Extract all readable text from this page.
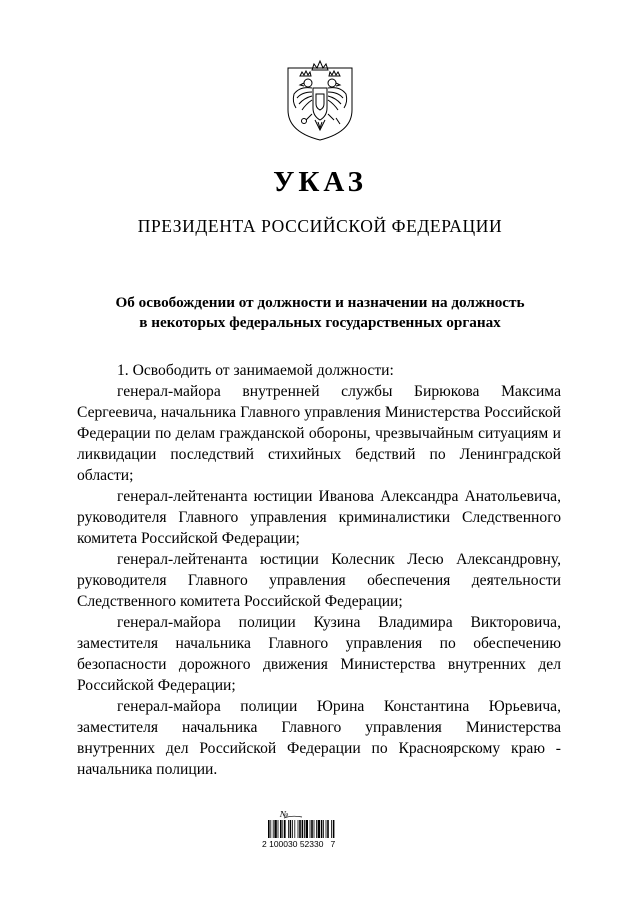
УКАЗ
ПРЕЗИДЕНТА РОССИЙСКОЙ ФЕДЕРАЦИИ
Об освобождении от должности и назначении на должность
в некоторых федеральных государственных органах

1. Освободить от занимаемой должности:

генерал-майора внутренней службы Бирюкова Максима Сергеевича, начальника Главного управления Министерства Российской Федерации по делам гражданской обороны, чрезвычайным ситуациям и ликвидации последствий стихийных бедствий по Ленинградской области;

генерал-лейтенанта юстиции Иванова Александра Анатольевича, руководителя Главного управления криминалистики Следственного комитета Российской Федерации;

генерал-лейтенанта юстиции Колесник Лесю Александровну, руководителя Главного управления обеспечения деятельности Следственного комитета Российской Федерации;

генерал-майора полиции Кузина Владимира Викторовича, заместителя начальника Главного управления по обеспечению безопасности дорожного движения Министерства внутренних дел Российской Федерации;

генерал-майора полиции Юрина Константина Юрьевича, заместителя начальника Главного управления Министерства внутренних дел Российской Федерации по Красноярскому краю - начальника полиции.

№
2 100030 52330   7
